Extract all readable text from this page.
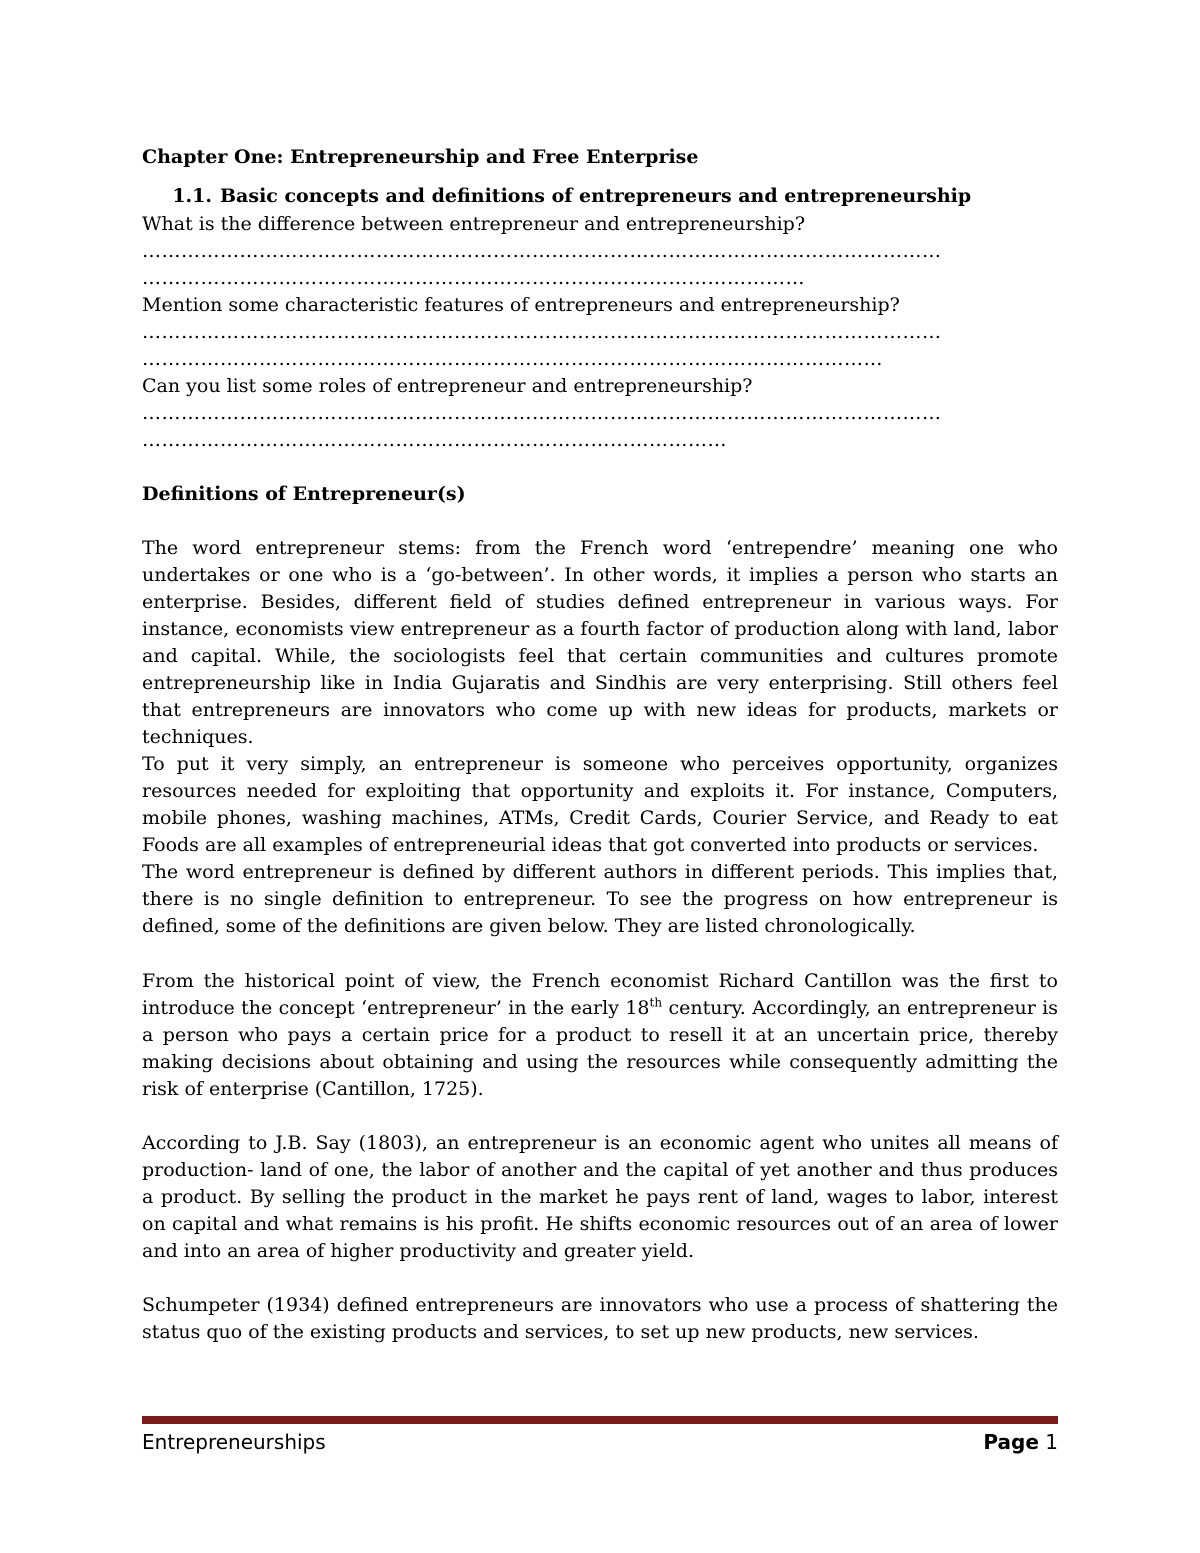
Chapter One: Entrepreneurship and Free Enterprise
1.1. Basic concepts and definitions of entrepreneurs and entrepreneurship
What is the difference between entrepreneur and entrepreneurship?
……………………………………………………………………………………………………………
…………………………………………………………………………………………
Mention some characteristic features of entrepreneurs and entrepreneurship?
……………………………………………………………………………………………………………
……………………………………………………………………………………………………
Can you list some roles of entrepreneur and entrepreneurship?
……………………………………………………………………………………………………………
………………………………………………………………………………
Definitions of Entrepreneur(s)

The word entrepreneur stems: from the French word ‘entrependre’ meaning one who undertakes or one who is a ‘go-between’. In other words, it implies a person who starts an enterprise. Besides, different field of studies defined entrepreneur in various ways. For instance, economists view entrepreneur as a fourth factor of production along with land, labor and capital. While, the sociologists feel that certain communities and cultures promote entrepreneurship like in India Gujaratis and Sindhis are very enterprising. Still others feel that entrepreneurs are innovators who come up with new ideas for products, markets or techniques.

To put it very simply, an entrepreneur is someone who perceives opportunity, organizes resources needed for exploiting that opportunity and exploits it. For instance, Computers, mobile phones, washing machines, ATMs, Credit Cards, Courier Service, and Ready to eat Foods are all examples of entrepreneurial ideas that got converted into products or services.

The word entrepreneur is defined by different authors in different periods. This implies that, there is no single definition to entrepreneur. To see the progress on how entrepreneur is defined, some of the definitions are given below. They are listed chronologically.

From the historical point of view, the French economist Richard Cantillon was the first to introduce the concept ‘entrepreneur’ in the early 18th century. Accordingly, an entrepreneur is a person who pays a certain price for a product to resell it at an uncertain price, thereby making decisions about obtaining and using the resources while consequently admitting the risk of enterprise (Cantillon, 1725).

According to J.B. Say (1803), an entrepreneur is an economic agent who unites all means of production- land of one, the labor of another and the capital of yet another and thus produces a product. By selling the product in the market he pays rent of land, wages to labor, interest on capital and what remains is his profit. He shifts economic resources out of an area of lower and into an area of higher productivity and greater yield.

Schumpeter (1934) defined entrepreneurs are innovators who use a process of shattering the status quo of the existing products and services, to set up new products, new services.

Entrepreneurships	Page 1
